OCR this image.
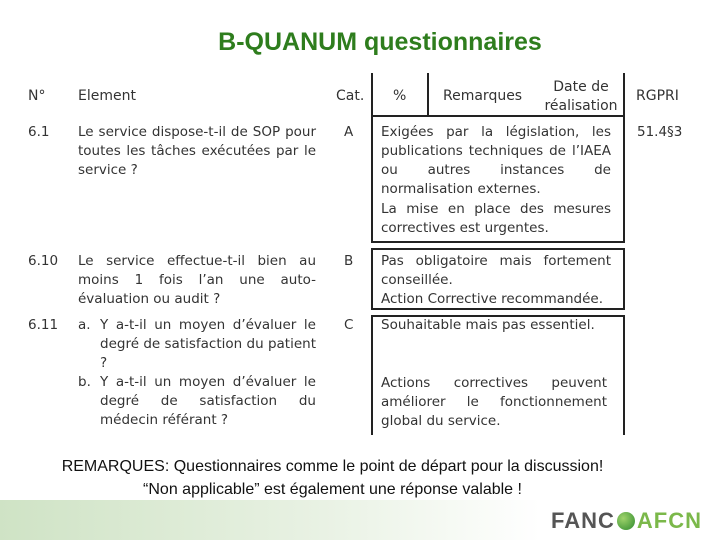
B-QUANUM questionnaires
N° Element	Cat. %	Remarques
Date de réalisation
RGPRI
6.1 Le service dispose-t-il de SOP pour toutes les tâches exécutées par le service ?
A Exigées par la législation, les publications techniques de l’IAEA ou autres instances de normalisation externes.
La mise en place des mesures correctives est urgentes.
51.4§3
6.10 Le service effectue-t-il bien au moins 1 fois l’an une auto-évaluation ou audit ?
B Pas obligatoire mais fortement conseillée.
Action Corrective recommandée.
6.11 a. Y a-t-il un moyen d’évaluer le degré de satisfaction du patient ?
b. Y a-t-il un moyen d’évaluer le degré de satisfaction du médecin référant ?
C Souhaitable mais pas essentiel.
Actions correctives peuvent améliorer le fonctionnement global du service.
REMARQUES: Questionnaires comme le point de départ pour la discussion!
“Non applicable” est également une réponse valable !
FANC AFCN
